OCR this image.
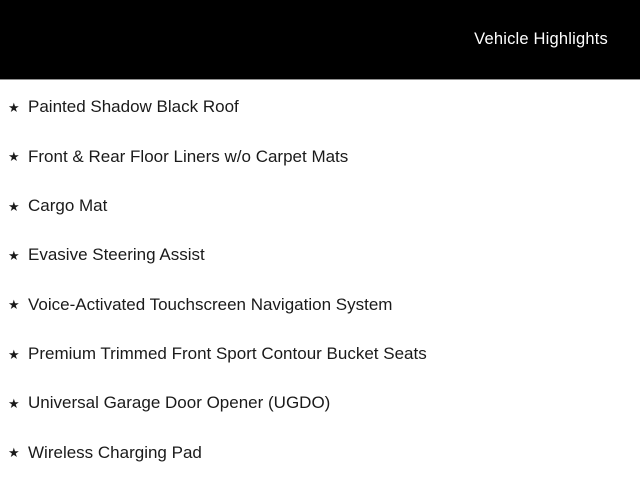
Vehicle Highlights
★ Painted Shadow Black Roof
★ Front & Rear Floor Liners w/o Carpet Mats
★ Cargo Mat
★ Evasive Steering Assist
★ Voice-Activated Touchscreen Navigation System
★ Premium Trimmed Front Sport Contour Bucket Seats
★ Universal Garage Door Opener (UGDO)
★ Wireless Charging Pad
